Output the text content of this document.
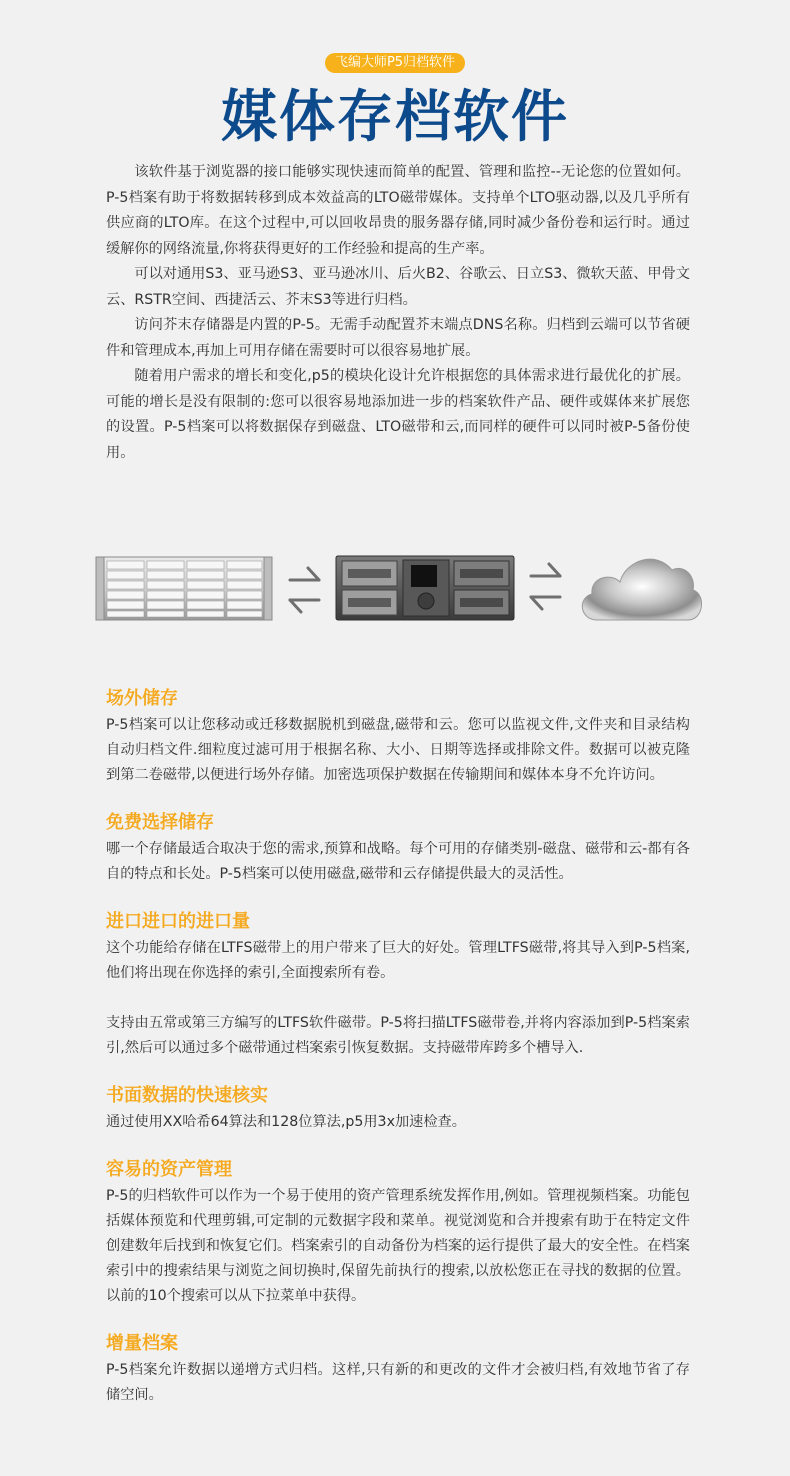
飞编大师P5归档软件
媒体存档软件

该软件基于浏览器的接口能够实现快速而简单的配置、管理和监控--无论您的位置如何。P-5档案有助于将数据转移到成本效益高的LTO磁带媒体。支持单个LTO驱动器,以及几乎所有供应商的LTO库。在这个过程中,可以回收昂贵的服务器存储,同时减少备份卷和运行时。通过缓解你的网络流量,你将获得更好的工作经验和提高的生产率。

可以对通用S3、亚马逊S3、亚马逊冰川、后火B2、谷歌云、日立S3、微软天蓝、甲骨文云、RSTR空间、西捷活云、芥末S3等进行归档。

访问芥末存储器是内置的P-5。无需手动配置芥末端点DNS名称。归档到云端可以节省硬件和管理成本,再加上可用存储在需要时可以很容易地扩展。

随着用户需求的增长和变化,p5的模块化设计允许根据您的具体需求进行最优化的扩展。可能的增长是没有限制的:您可以很容易地添加进一步的档案软件产品、硬件或媒体来扩展您的设置。P-5档案可以将数据保存到磁盘、LTO磁带和云,而同样的硬件可以同时被P-5备份使用。

场外储存

P-5档案可以让您移动或迁移数据脱机到磁盘,磁带和云。您可以监视文件,文件夹和目录结构自动归档文件.细粒度过滤可用于根据名称、大小、日期等选择或排除文件。数据可以被克隆到第二卷磁带,以便进行场外存储。加密选项保护数据在传输期间和媒体本身不允许访问。

免费选择储存

哪一个存储最适合取决于您的需求,预算和战略。每个可用的存储类别-磁盘、磁带和云-都有各自的特点和长处。P-5档案可以使用磁盘,磁带和云存储提供最大的灵活性。

进口进口的进口量

这个功能给存储在LTFS磁带上的用户带来了巨大的好处。管理LTFS磁带,将其导入到P-5档案,他们将出现在你选择的索引,全面搜索所有卷。

支持由五常或第三方编写的LTFS软件磁带。P-5将扫描LTFS磁带卷,并将内容添加到P-5档案索引,然后可以通过多个磁带通过档案索引恢复数据。支持磁带库跨多个槽导入.

书面数据的快速核实

通过使用XX哈希64算法和128位算法,p5用3x加速检查。

容易的资产管理

P-5的归档软件可以作为一个易于使用的资产管理系统发挥作用,例如。管理视频档案。功能包括媒体预览和代理剪辑,可定制的元数据字段和菜单。视觉浏览和合并搜索有助于在特定文件创建数年后找到和恢复它们。档案索引的自动备份为档案的运行提供了最大的安全性。在档案索引中的搜索结果与浏览之间切换时,保留先前执行的搜索,以放松您正在寻找的数据的位置。以前的10个搜索可以从下拉菜单中获得。

增量档案

P-5档案允许数据以递增方式归档。这样,只有新的和更改的文件才会被归档,有效地节省了存储空间。
